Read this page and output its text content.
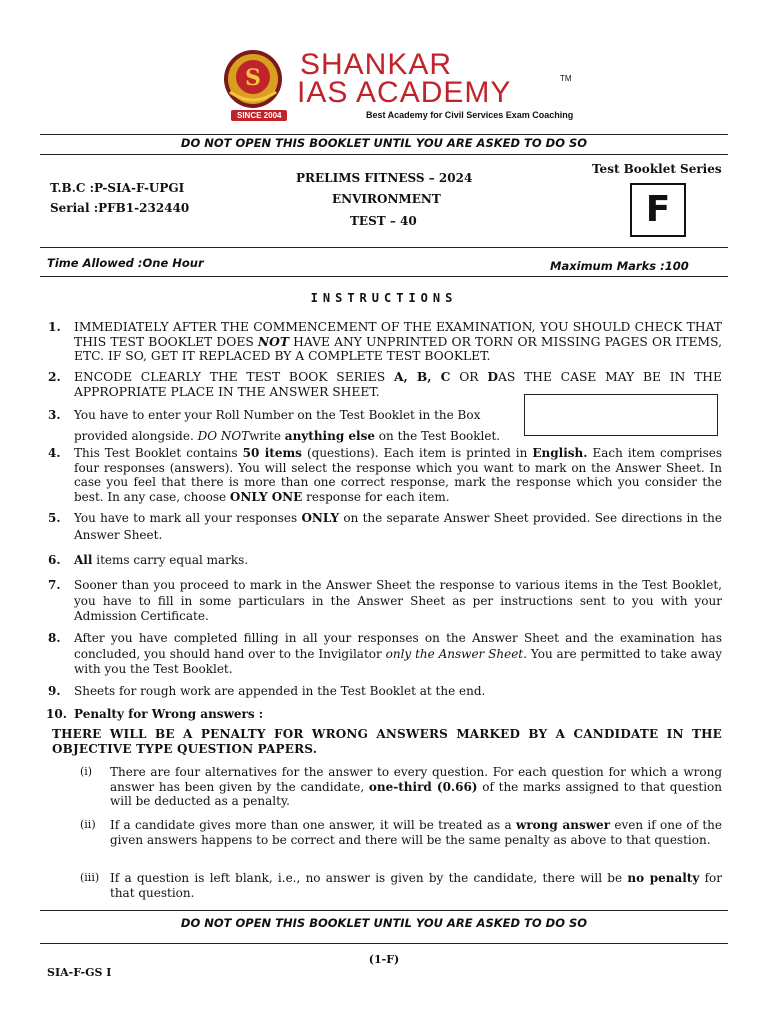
S
SINCE 2004
SHANKAR
IAS ACADEMY	TM
Best Academy for Civil Services Exam Coaching
DO NOT OPEN THIS BOOKLET UNTIL YOU ARE ASKED TO DO SO
T.B.C :P-SIA-F-UPGI
Serial :PFB1-232440
PRELIMS FITNESS – 2024
ENVIRONMENT
TEST – 40
Test Booklet Series
F
Time Allowed :One Hour	Maximum Marks :100
INSTRUCTIONS
1.	IMMEDIATELY AFTER THE COMMENCEMENT OF THE EXAMINATION, YOU SHOULD CHECK THAT THIS TEST BOOKLET DOES NOT HAVE ANY UNPRINTED OR TORN OR MISSING PAGES OR ITEMS, ETC. IF SO, GET IT REPLACED BY A COMPLETE TEST BOOKLET.
2.	ENCODE CLEARLY THE TEST BOOK SERIES A, B, C OR DAS THE CASE MAY BE IN THE APPROPRIATE PLACE IN THE ANSWER SHEET.
3.	You have to enter your Roll Number on the Test Booklet in the Box provided alongside. DO NOTwrite anything else on the Test Booklet.
4.	This Test Booklet contains 50 items (questions). Each item is printed in English. Each item comprises four responses (answers). You will select the response which you want to mark on the Answer Sheet. In case you feel that there is more than one correct response, mark the response which you consider the best. In any case, choose ONLY ONE response for each item.
5.	You have to mark all your responses ONLY on the separate Answer Sheet provided. See directions in the Answer Sheet.
6.	All items carry equal marks.
7.	Sooner than you proceed to mark in the Answer Sheet the response to various items in the Test Booklet, you have to fill in some particulars in the Answer Sheet as per instructions sent to you with your Admission Certificate.
8.	After you have completed filling in all your responses on the Answer Sheet and the examination has concluded, you should hand over to the Invigilator only the Answer Sheet. You are permitted to take away with you the Test Booklet.
9.	Sheets for rough work are appended in the Test Booklet at the end.
10. Penalty for Wrong answers :
THERE WILL BE A PENALTY FOR WRONG ANSWERS MARKED BY A CANDIDATE IN THE OBJECTIVE TYPE QUESTION PAPERS.
(i) There are four alternatives for the answer to every question. For each question for which a wrong answer has been given by the candidate, one-third (0.66) of the marks assigned to that question will be deducted as a penalty.
(ii) If a candidate gives more than one answer, it will be treated as a wrong answer even if one of the given answers happens to be correct and there will be the same penalty as above to that question.
(iii) If a question is left blank, i.e., no answer is given by the candidate, there will be no penalty for that question.
DO NOT OPEN THIS BOOKLET UNTIL YOU ARE ASKED TO DO SO
(1-F)
SIA-F-GS I
